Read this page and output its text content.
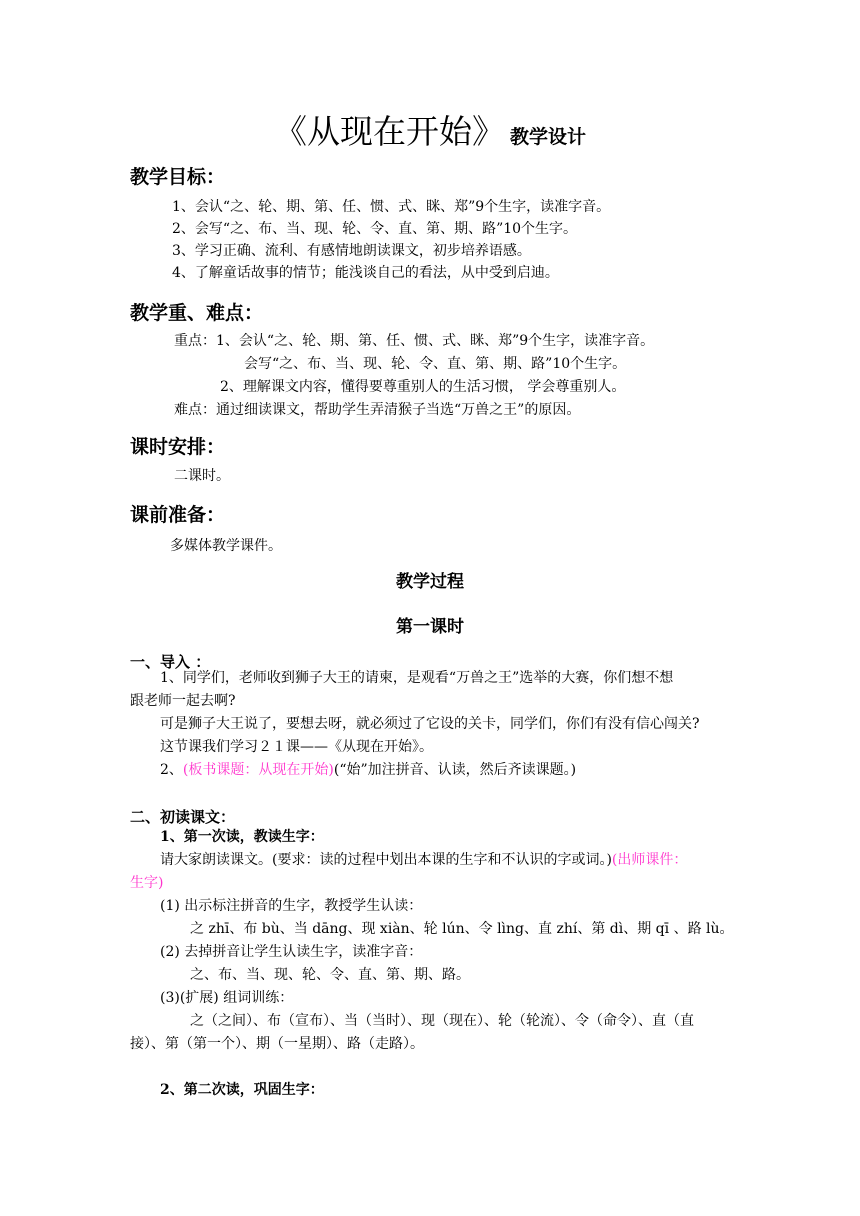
《从现在开始》 教学设计
教学目标：
1、会认“之、轮、期、第、任、惯、式、眯、郑”9个生字，读准字音。
2、会写“之、布、当、现、轮、令、直、第、期、路”10个生字。
3、学习正确、流利、有感情地朗读课文，初步培养语感。
4、了解童话故事的情节；能浅谈自己的看法，从中受到启迪。
教学重、难点：
重点：1、会认“之、轮、期、第、任、惯、式、眯、郑”9个生字，读准字音。
会写“之、布、当、现、轮、令、直、第、期、路”10个生字。
2、理解课文内容，懂得要尊重别人的生活习惯， 学会尊重别人。
难点：通过细读课文，帮助学生弄清猴子当选“万兽之王”的原因。
课时安排：
二课时。
课前准备：
多媒体教学课件。
教学过程
第一课时
一、导入 ：
1、同学们，老师收到狮子大王的请柬，是观看“万兽之王”选举的大赛，你们想不想
跟老师一起去啊?
可是狮子大王说了，要想去呀，就必须过了它设的关卡，同学们，你们有没有信心闯关?
这节课我们学习２１课——《从现在开始》。
2、(板书课题：从现在开始)(“始”加注拼音、认读，然后齐读课题。)
二、初读课文：
1、第一次读，教读生字：
请大家朗读课文。(要求：读的过程中划出本课的生字和不认识的字或词。)(出师课件：
生字)
(1) 出示标注拼音的生字，教授学生认读：
之 zhī、布 bù、当 dāng、现 xiàn、轮 lún、令 lìng、直 zhí、第 dì、期 qī 、路 lù。
(2) 去掉拼音让学生认读生字，读准字音：
之、布、当、现、轮、令、直、第、期、路。
(3)(扩展) 组词训练：
之（之间）、布（宣布）、当（当时）、现（现在）、轮（轮流）、令（命令）、直（直
接）、第（第一个）、期（一星期）、路（走路）。
2、第二次读，巩固生字：
